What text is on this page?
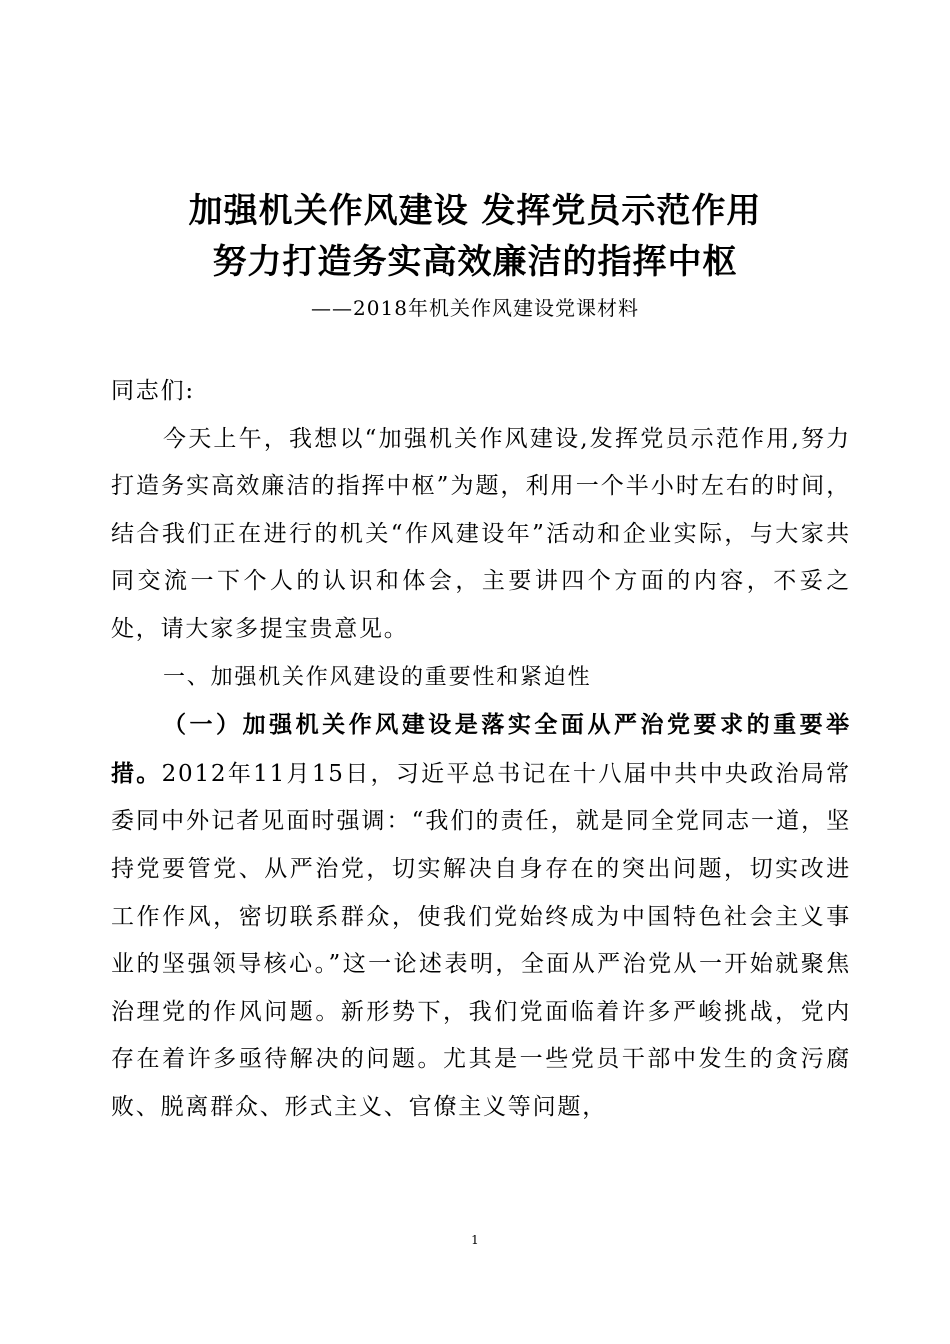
加强机关作风建设 发挥党员示范作用
努力打造务实高效廉洁的指挥中枢
——2018年机关作风建设党课材料

同志们:

今天上午，我想以“加强机关作风建设,发挥党员示范作用,努力打造务实高效廉洁的指挥中枢”为题，利用一个半小时左右的时间，结合我们正在进行的机关“作风建设年”活动和企业实际，与大家共同交流一下个人的认识和体会，主要讲四个方面的内容，不妥之处，请大家多提宝贵意见。

一、加强机关作风建设的重要性和紧迫性

（一）加强机关作风建设是落实全面从严治党要求的重要举措。2012年11月15日，习近平总书记在十八届中共中央政治局常委同中外记者见面时强调：“我们的责任，就是同全党同志一道，坚持党要管党、从严治党，切实解决自身存在的突出问题，切实改进工作作风，密切联系群众，使我们党始终成为中国特色社会主义事业的坚强领导核心。”这一论述表明，全面从严治党从一开始就聚焦治理党的作风问题。新形势下，我们党面临着许多严峻挑战，党内存在着许多亟待解决的问题。尤其是一些党员干部中发生的贪污腐败、脱离群众、形式主义、官僚主义等问题，

1
